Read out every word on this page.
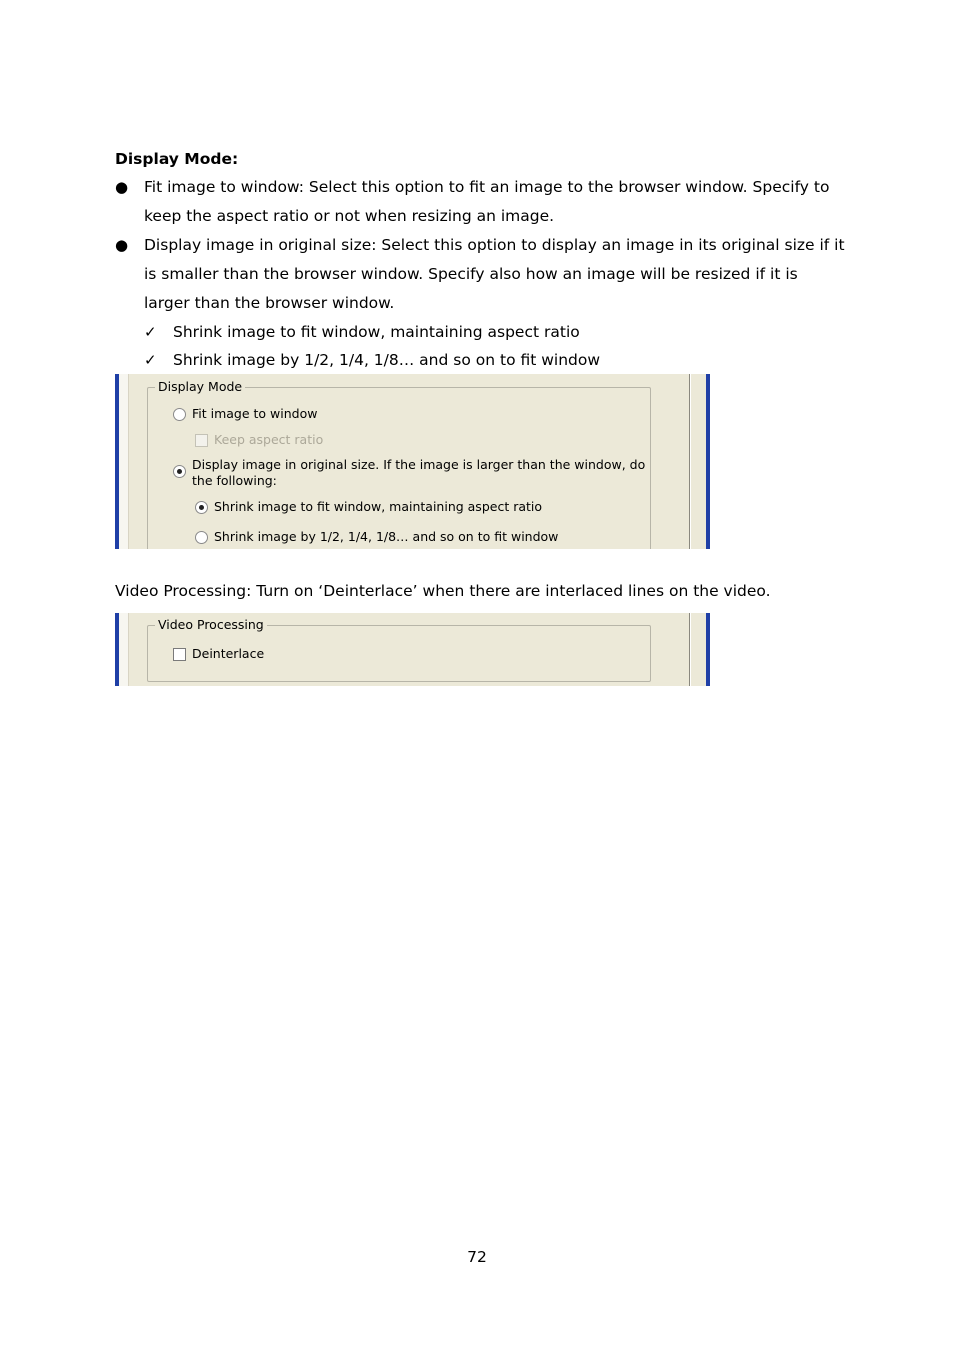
Display Mode:
● Fit image to window: Select this option to fit an image to the browser window. Specify to keep the aspect ratio or not when resizing an image.
● Display image in original size: Select this option to display an image in its original size if it is smaller than the browser window. Specify also how an image will be resized if it is larger than the browser window.
✓ Shrink image to fit window, maintaining aspect ratio
✓ Shrink image by 1/2, 1/4, 1/8… and so on to fit window
Display Mode
Fit image to window
Keep aspect ratio
Display image in original size. If the image is larger than the window, do
the following:
Shrink image to fit window, maintaining aspect ratio
Shrink image by 1/2, 1/4, 1/8… and so on to fit window
Video Processing: Turn on ‘Deinterlace’ when there are interlaced lines on the video.
Video Processing
Deinterlace
72
